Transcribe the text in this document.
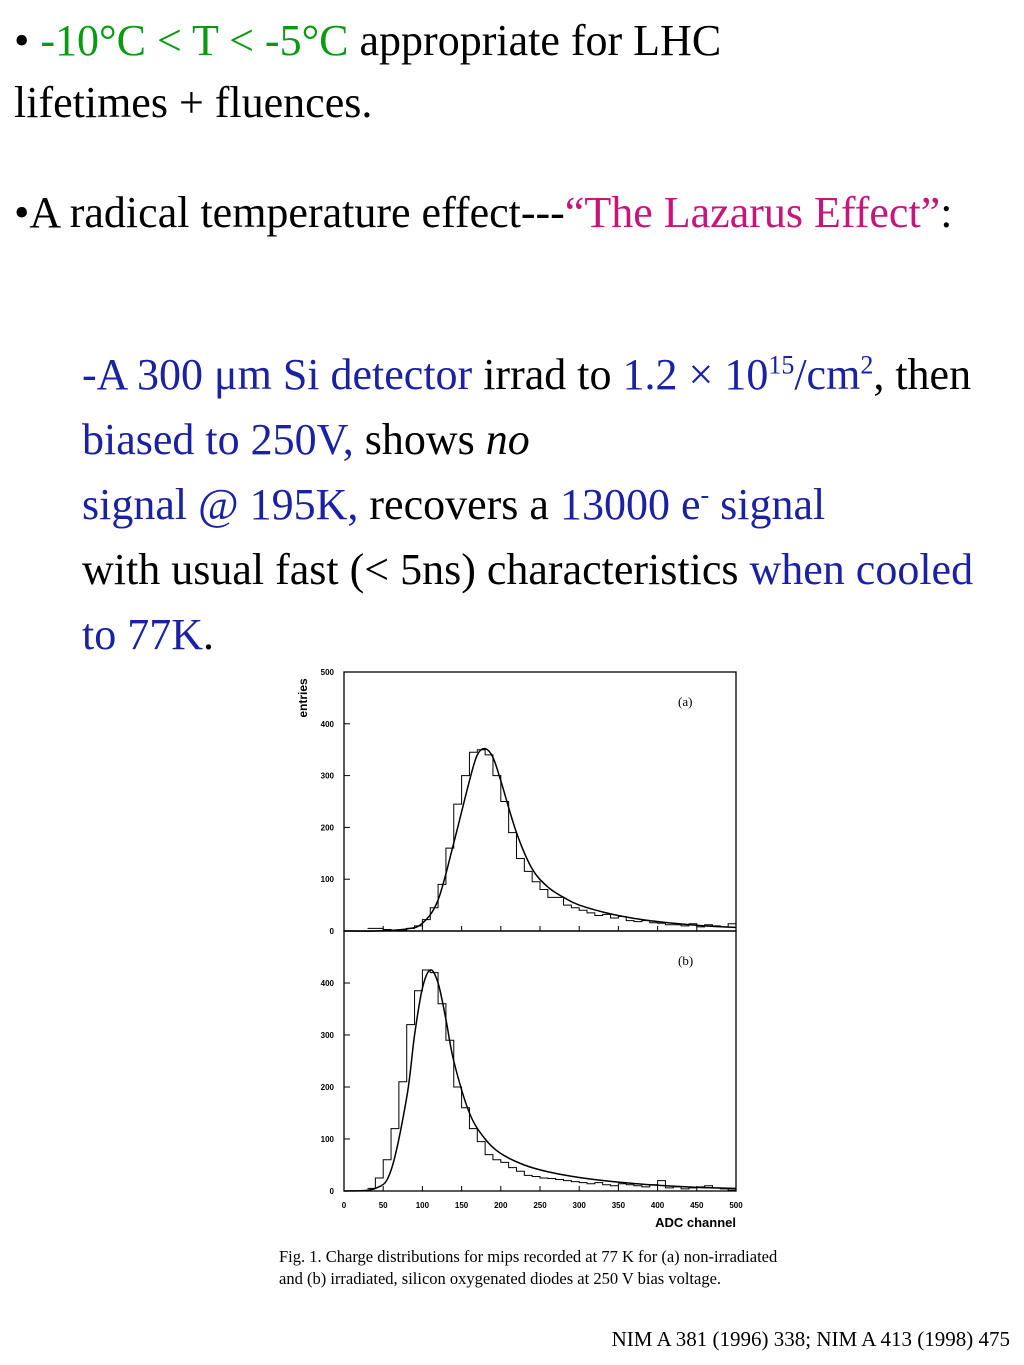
• -10°C < T < -5°C appropriate for LHC
lifetimes + fluences.
•A radical temperature effect---“The Lazarus Effect”:
-A 300 μm Si detector irrad to $1.2 \times 10^{15}/cm^2$, then biased to 250V, shows no
signal @ 195K, recovers a 13000 e- signal
with usual fast (< 5ns) characteristics when cooled to 77K.
0
100
200
300
400
500
(a)
entries
0
100
200
300
400
(b)
0	50	100	150	200	250	300	350	400	450	500
ADC channel
Fig. 1. Charge distributions for mips recorded at 77 K for (a) non-irradiated and (b) irradiated, silicon oxygenated diodes at 250 V bias voltage.
NIM A 381 (1996) 338; NIM A 413 (1998) 475
